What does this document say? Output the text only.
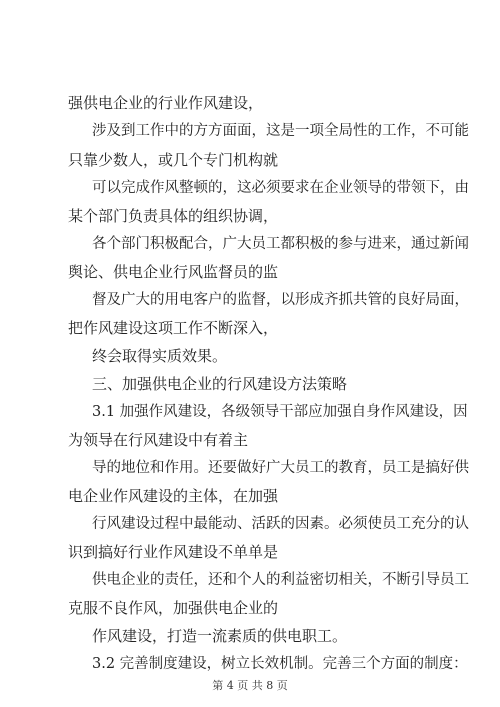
强供电企业的行业作风建设，
涉及到工作中的方方面面，这是一项全局性的工作，不可能
只靠少数人，或几个专门机构就
可以完成作风整顿的，这必须要求在企业领导的带领下，由
某个部门负责具体的组织协调，
各个部门积极配合，广大员工都积极的参与进来，通过新闻
舆论、供电企业行风监督员的监
督及广大的用电客户的监督，以形成齐抓共管的良好局面，
把作风建设这项工作不断深入，
终会取得实质效果。
三、加强供电企业的行风建设方法策略
3.1 加强作风建设，各级领导干部应加强自身作风建设，因
为领导在行风建设中有着主
导的地位和作用。还要做好广大员工的教育，员工是搞好供
电企业作风建设的主体，在加强
行风建设过程中最能动、活跃的因素。必须使员工充分的认
识到搞好行业作风建设不单单是
供电企业的责任，还和个人的利益密切相关，不断引导员工
克服不良作风，加强供电企业的
作风建设，打造一流素质的供电职工。
3.2 完善制度建设，树立长效机制。完善三个方面的制度：
第 4 页 共 8 页
